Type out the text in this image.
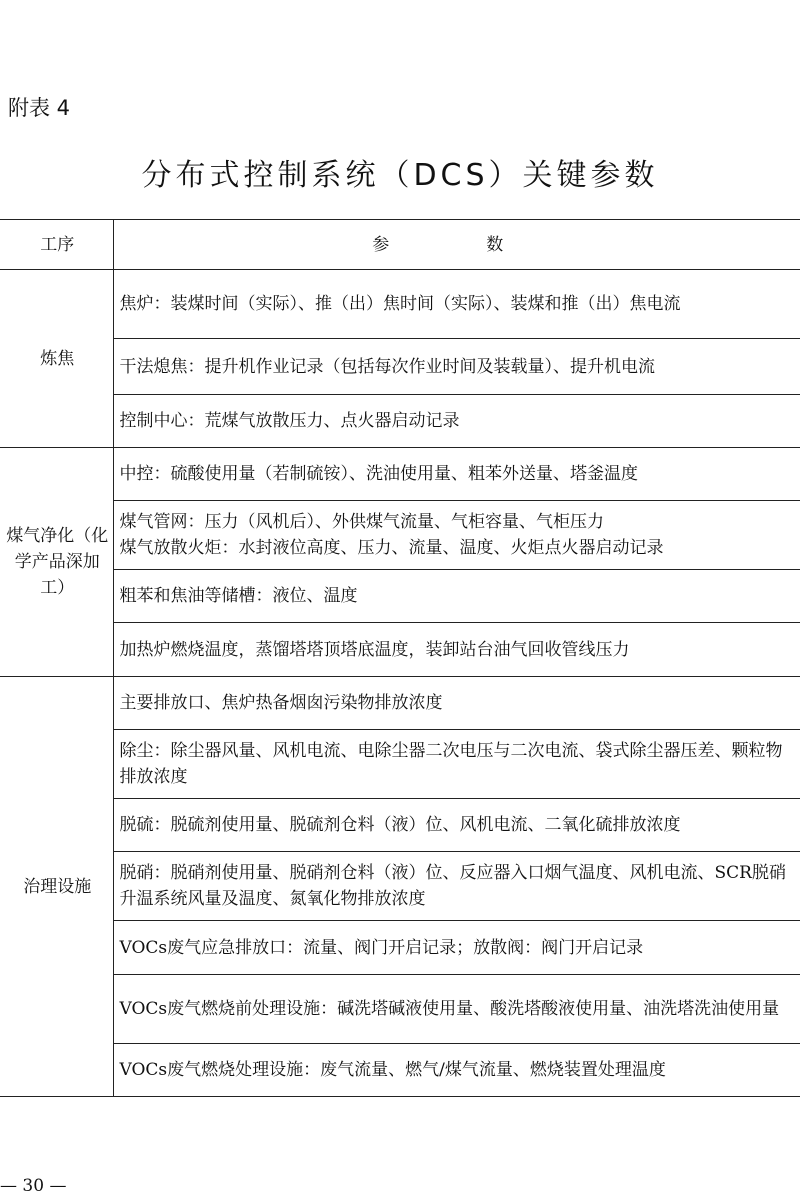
附表 4
分布式控制系统（DCS）关键参数
工序	参　数
炼焦	焦炉：装煤时间（实际）、推（出）焦时间（实际）、装煤和推（出）焦电流
	干法熄焦：提升机作业记录（包括每次作业时间及装载量）、提升机电流
	控制中心：荒煤气放散压力、点火器启动记录
煤气净化（化学产品深加工）	中控：硫酸使用量（若制硫铵）、洗油使用量、粗苯外送量、塔釜温度

	煤气管网：压力（风机后）、外供煤气流量、气柜容量、气柜压力
煤气放散火炬：水封液位高度、压力、流量、温度、火炬点火器启动记录

	粗苯和焦油等储槽：液位、温度
	加热炉燃烧温度，蒸馏塔塔顶塔底温度，装卸站台油气回收管线压力
治理设施	主要排放口、焦炉热备烟囱污染物排放浓度
	除尘：除尘器风量、风机电流、电除尘器二次电压与二次电流、袋式除尘器压差、颗粒物排放浓度
	脱硫：脱硫剂使用量、脱硫剂仓料（液）位、风机电流、二氧化硫排放浓度
	脱硝：脱硝剂使用量、脱硝剂仓料（液）位、反应器入口烟气温度、风机电流、SCR脱硝升温系统风量及温度、氮氧化物排放浓度
	VOCs废气应急排放口：流量、阀门开启记录；放散阀：阀门开启记录
	VOCs废气燃烧前处理设施：碱洗塔碱液使用量、酸洗塔酸液使用量、油洗塔洗油使用量
	VOCs废气燃烧处理设施：废气流量、燃气/煤气流量、燃烧装置处理温度
— 30 —
